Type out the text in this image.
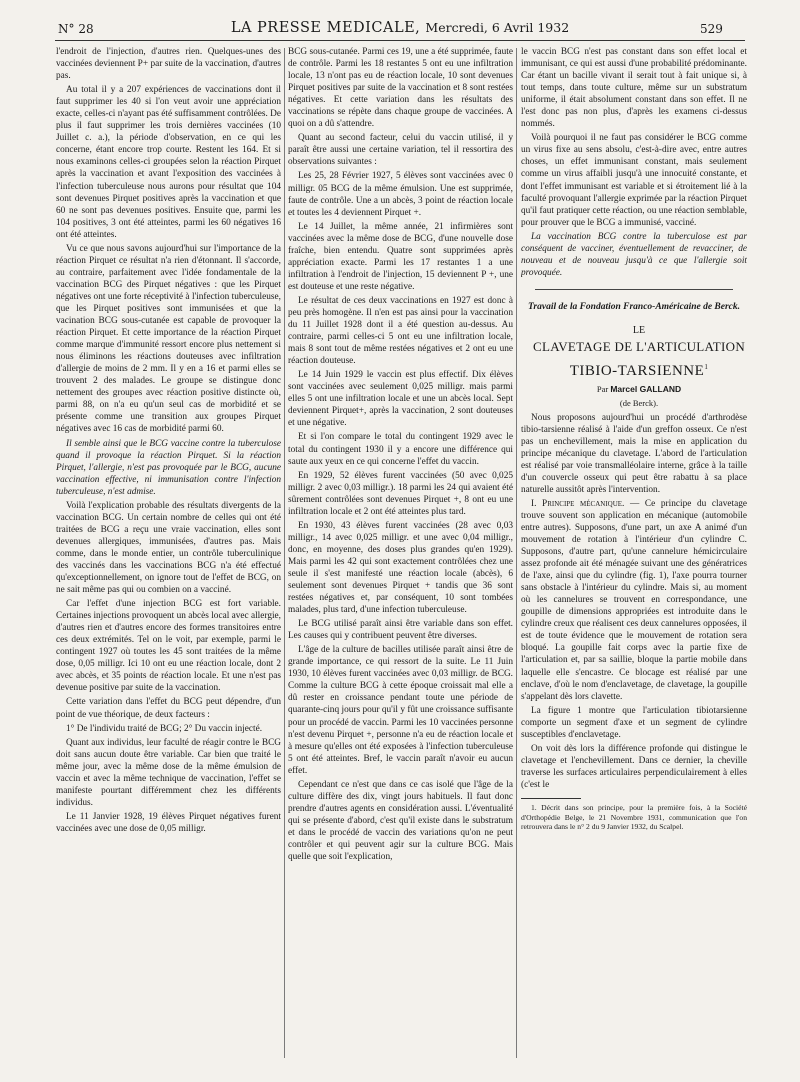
N° 28	LA PRESSE MEDICALE, Mercredi, 6 Avril 1932	529

l'endroit de l'injection, d'autres rien. Quelques-unes des vaccinées deviennent P+ par suite de la vaccination, d'autres pas.

Au total il y a 207 expériences de vaccinations dont il faut supprimer les 40 si l'on veut avoir une appréciation exacte, celles-ci n'ayant pas été suffisamment contrôlées. De plus il faut supprimer les trois dernières vaccinées (10 Juillet c. a.), la période d'observation, en ce qui les concerne, étant encore trop courte. Restent les 164. Et si nous examinons celles-ci groupées selon la réaction Pirquet après la vaccination et avant l'exposition des vaccinées à l'infection tuberculeuse nous aurons pour résultat que 104 sont devenues Pirquet positives après la vaccination et que 60 ne sont pas devenues positives. Ensuite que, parmi les 104 positives, 3 ont été atteintes, parmi les 60 négatives 16 ont été atteintes.

Vu ce que nous savons aujourd'hui sur l'importance de la réaction Pirquet ce résultat n'a rien d'étonnant. Il s'accorde, au contraire, parfaitement avec l'idée fondamentale de la vaccination BCG des Pirquet négatives : que les Pirquet négatives ont une forte réceptivité à l'infection tuberculeuse, que les Pirquet positives sont immunisées et que la vacination BCG sous-cutanée est capable de provoquer la réaction Pirquet. Et cette importance de la réaction Pirquet comme marque d'immunité ressort encore plus nettement si nous éliminons les réactions douteuses avec infiltration d'allergie de moins de 2 mm. Il y en a 16 et parmi elles se trouvent 2 des malades. Le groupe se distingue donc nettement des groupes avec réaction positive distincte où, parmi 88, on n'a eu qu'un seul cas de morbidité et se présente comme une transition aux groupes Pirquet négatives avec 16 cas de morbidité parmi 60.

Il semble ainsi que le BCG vaccine contre la tuberculose quand il provoque la réaction Pirquet. Si la réaction Pirquet, l'allergie, n'est pas provoquée par le BCG, aucune vaccination effective, ni immunisation contre l'infection tuberculeuse, n'est admise.

Voilà l'explication probable des résultats divergents de la vaccination BCG. Un certain nombre de celles qui ont été traitées de BCG a reçu une vraie vaccination, elles sont devenues allergiques, immunisées, d'autres pas. Mais comme, dans le monde entier, un contrôle tuberculinique des vaccinés dans les vaccinations BCG n'a été effectué qu'exceptionnellement, on ignore tout de l'effet de BCG, on ne sait même pas qui ou combien on a vacciné.

Car l'effet d'une injection BCG est fort variable. Certaines injections provoquent un abcès local avec allergie, d'autres rien et d'autres encore des formes transitoires entre ces deux extrémités. Tel on le voit, par exemple, parmi le contingent 1927 où toutes les 45 sont traitées de la même dose, 0,05 milligr. Ici 10 ont eu une réaction locale, dont 2 avec abcès, et 35 points de réaction locale. Et une n'est pas devenue positive par suite de la vaccination.

Cette variation dans l'effet du BCG peut dépendre, d'un point de vue théorique, de deux facteurs :

1° De l'individu traité de BCG; 2° Du vaccin injecté.

Quant aux individus, leur faculté de réagir contre le BCG doit sans aucun doute être variable. Car bien que traité le même jour, avec la même dose de la même émulsion de vaccin et avec la même technique de vaccination, l'effet se manifeste pourtant différemment chez les différents individus.

Le 11 Janvier 1928, 19 élèves Pirquet négatives furent vaccinées avec une dose de 0,05 milligr.

BCG sous-cutanée. Parmi ces 19, une a été supprimée, faute de contrôle. Parmi les 18 restantes 5 ont eu une infiltration locale, 13 n'ont pas eu de réaction locale, 10 sont devenues Pirquet positives par suite de la vaccination et 8 sont restées négatives. Et cette variation dans les résultats des vaccinations se répète dans chaque groupe de vaccinées. A quoi on a dû s'attendre.

Quant au second facteur, celui du vaccin utilisé, il y paraît être aussi une certaine variation, tel il ressortira des observations suivantes :

Les 25, 28 Février 1927, 5 élèves sont vaccinées avec 0 milligr. 05 BCG de la même émulsion. Une est supprimée, faute de contrôle. Une a un abcès, 3 point de réaction locale et toutes les 4 deviennent Pirquet +.

Le 14 Juillet, la même année, 21 infirmières sont vaccinées avec la même dose de BCG, d'une nouvelle dose fraîche, bien entendu. Quatre sont supprimées après appréciation exacte. Parmi les 17 restantes 1 a une infiltration à l'endroit de l'injection, 15 deviennent P +, une est douteuse et une reste négative.

Le résultat de ces deux vaccinations en 1927 est donc à peu près homogène. Il n'en est pas ainsi pour la vaccination du 11 Juillet 1928 dont il a été question au-dessus. Au contraire, parmi celles-ci 5 ont eu une infiltration locale, mais 8 sont tout de même restées négatives et 2 ont eu une réaction douteuse.

Le 14 Juin 1929 le vaccin est plus effectif. Dix élèves sont vaccinées avec seulement 0,025 milligr. mais parmi elles 5 ont une infiltration locale et une un abcès local. Sept deviennent Pirquet+, après la vaccination, 2 sont douteuses et une négative.

Et si l'on compare le total du contingent 1929 avec le total du contingent 1930 il y a encore une différence qui saute aux yeux en ce qui concerne l'effet du vaccin.

En 1929, 52 élèves furent vaccinées (50 avec 0,025 milligr. 2 avec 0,03 milligr.). 18 parmi les 24 qui avaient été sûrement contrôlées sont devenues Pirquet +, 8 ont eu une infiltration locale et 2 ont été atteintes plus tard.

En 1930, 43 élèves furent vaccinées (28 avec 0,03 milligr., 14 avec 0,025 milligr. et une avec 0,04 milligr., donc, en moyenne, des doses plus grandes qu'en 1929). Mais parmi les 42 qui sont exactement contrôlées chez une seule il s'est manifesté une réaction locale (abcès), 6 seulement sont devenues Pirquet + tandis que 36 sont restées négatives et, par conséquent, 10 sont tombées malades, plus tard, d'une infection tuberculeuse.

Le BCG utilisé paraît ainsi être variable dans son effet. Les causes qui y contribuent peuvent être diverses.

L'âge de la culture de bacilles utilisée paraît ainsi être de grande importance, ce qui ressort de la suite. Le 11 Juin 1930, 10 élèves furent vaccinées avec 0,03 milligr. de BCG. Comme la culture BCG à cette époque croissait mal elle a dû rester en croissance pendant toute une période de quarante-cinq jours pour qu'il y fût une croissance suffisante pour un procédé de vaccin. Parmi les 10 vaccinées personne n'est devenu Pirquet +, personne n'a eu de réaction locale et à mesure qu'elles ont été exposées à l'infection tuberculeuse 5 ont été atteintes. Bref, le vaccin paraît n'avoir eu aucun effet.

Cependant ce n'est que dans ce cas isolé que l'âge de la culture diffère des dix, vingt jours habituels. Il faut donc prendre d'autres agents en considération aussi. L'éventualité qui se présente d'abord, c'est qu'il existe dans le substratum et dans le procédé de vaccin des variations qu'on ne peut contrôler et qui peuvent agir sur la culture BCG. Mais quelle que soit l'explication,

le vaccin BCG n'est pas constant dans son effet local et immunisant, ce qui est aussi d'une probabilité prédominante. Car étant un bacille vivant il serait tout à fait unique si, à tout temps, dans toute culture, même sur un substratum uniforme, il était absolument constant dans son effet. Il ne l'est donc pas non plus, d'après les examens ci-dessus nommés.

Voilà pourquoi il ne faut pas considérer le BCG comme un virus fixe au sens absolu, c'est-à-dire avec, entre autres choses, un effet immunisant constant, mais seulement comme un virus affaibli jusqu'à une innocuité constante, et dont l'effet immunisant est variable et si étroitement lié à la faculté provoquant l'allergie exprimée par la réaction Pirquet qu'il faut pratiquer cette réaction, ou une réaction semblable, pour prouver que le BCG a immunisé, vacciné.

La vaccination BCG contre la tuberculose est par conséquent de vacciner, éventuellement de revacciner, de nouveau et de nouveau jusqu'à ce que l'allergie soit provoquée.

Travail de la Fondation Franco-Américaine de Berck.

LE

CLAVETAGE DE L'ARTICULATION

TIBIO-TARSIENNE$^1$

Par Marcel GALLAND

(de Berck).

Nous proposons aujourd'hui un procédé d'arthrodèse tibio-tarsienne réalisé à l'aide d'un greffon osseux. Ce n'est pas un enchevillement, mais la mise en application du principe mécanique du clavetage. L'abord de l'articulation est réalisé par voie transmalléolaire interne, grâce à la taille d'un couvercle osseux qui peut être rabattu à sa place naturelle aussitôt après l'intervention.

I. Principe mécanique. — Ce principe du clavetage trouve souvent son application en mécanique (automobile entre autres). Supposons, d'une part, un axe A animé d'un mouvement de rotation à l'intérieur d'un cylindre C. Supposons, d'autre part, qu'une cannelure hémicirculaire assez profonde ait été ménagée suivant une des génératrices de l'axe, ainsi que du cylindre (fig. 1), l'axe pourra tourner sans obstacle à l'intérieur du cylindre. Mais si, au moment où les cannelures se trouvent en correspondance, une goupille de dimensions appropriées est introduite dans le cylindre creux que réalisent ces deux cannelures opposées, il est de toute évidence que le mouvement de rotation sera bloqué. La goupille fait corps avec la partie fixe de l'articulation et, par sa saillie, bloque la partie mobile dans laquelle elle s'encastre. Ce blocage est réalisé par une enclave, d'où le nom d'enclavetage, de clavetage, la goupille s'appelant dès lors clavette.

La figure 1 montre que l'articulation tibiotarsienne comporte un segment d'axe et un segment de cylindre susceptibles d'enclavetage.

On voit dès lors la différence profonde qui distingue le clavetage et l'enchevillement. Dans ce dernier, la cheville traverse les surfaces articulaires perpendiculairement à elles (c'est le

1. Décrit dans son principe, pour la première fois, à la Société d'Orthopédie Belge, le 21 Novembre 1931, communication que l'on retrouvera dans le n° 2 du 9 Janvier 1932, du Scalpel.
